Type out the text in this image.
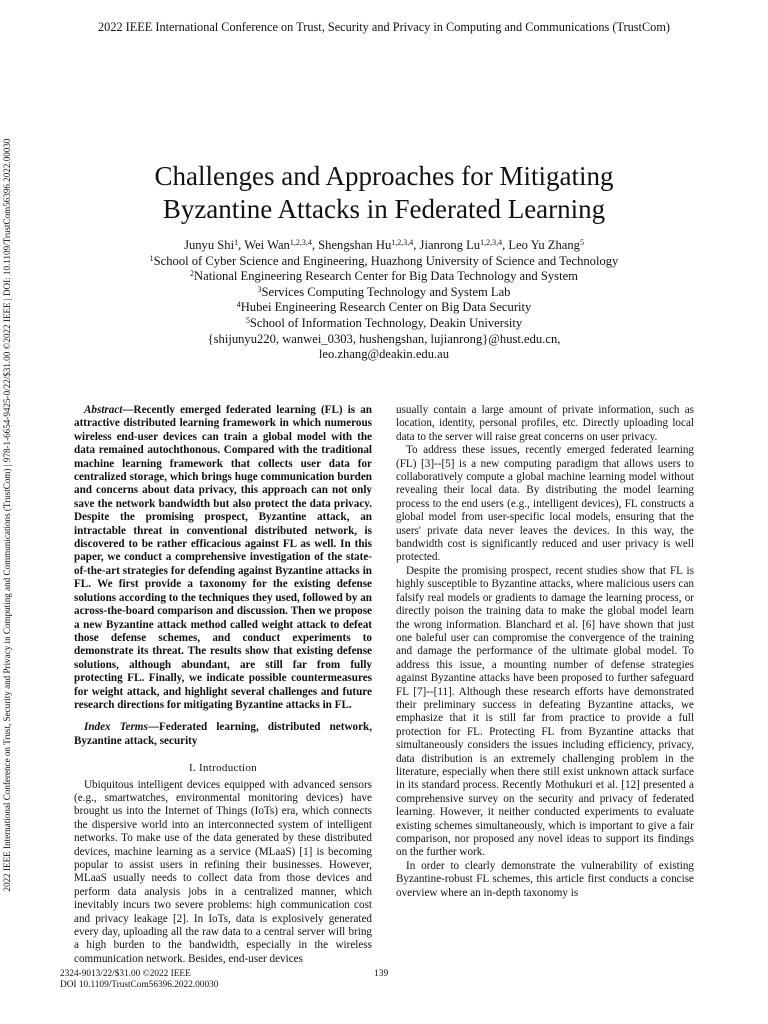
2022 IEEE International Conference on Trust, Security and Privacy in Computing and Communications (TrustCom)
2022 IEEE International Conference on Trust, Security and Privacy in Computing and Communications (TrustCom) | 978-1-6654-9425-0/22/$31.00 ©2022 IEEE | DOI: 10.1109/TrustCom56396.2022.00030	Challenges and Approaches for Mitigating
Byzantine Attacks in Federated Learning
Junyu Shi$^1$, Wei Wan$^{1,2,3,4}$, Shengshan Hu$^{1,2,3,4}$, Jianrong Lu$^{1,2,3,4}$, Leo Yu Zhang$^5$
$^1$School of Cyber Science and Engineering, Huazhong University of Science and Technology
$^2$National Engineering Research Center for Big Data Technology and System
$^3$Services Computing Technology and System Lab
$^4$Hubei Engineering Research Center on Big Data Security
$^5$School of Information Technology, Deakin University
{shijunyu220, wanwei_0303, hushengshan, lujianrong}@hust.edu.cn,
leo.zhang@deakin.edu.au

Abstract—Recently emerged federated learning (FL) is an attractive distributed learning framework in which numerous wireless end-user devices can train a global model with the data remained autochthonous. Compared with the traditional machine learning framework that collects user data for centralized storage, which brings huge communication burden and concerns about data privacy, this approach can not only save the network bandwidth but also protect the data privacy. Despite the promising prospect, Byzantine attack, an intractable threat in conventional distributed network, is discovered to be rather efficacious against FL as well. In this paper, we conduct a comprehensive investigation of the state-of-the-art strategies for defending against Byzantine attacks in FL. We first provide a taxonomy for the existing defense solutions according to the techniques they used, followed by an across-the-board comparison and discussion. Then we propose a new Byzantine attack method called weight attack to defeat those defense schemes, and conduct experiments to demonstrate its threat. The results show that existing defense solutions, although abundant, are still far from fully protecting FL. Finally, we indicate possible countermeasures for weight attack, and highlight several challenges and future research directions for mitigating Byzantine attacks in FL.

Index Terms—Federated learning, distributed network, Byzantine attack, security

I. Introduction

Ubiquitous intelligent devices equipped with advanced sensors (e.g., smartwatches, environmental monitoring devices) have brought us into the Internet of Things (IoTs) era, which connects the dispersive world into an interconnected system of intelligent networks. To make use of the data generated by these distributed devices, machine learning as a service (MLaaS) [1] is becoming popular to assist users in refining their businesses. However, MLaaS usually needs to collect data from those devices and perform data analysis jobs in a centralized manner, which inevitably incurs two severe problems: high communication cost and privacy leakage [2]. In IoTs, data is explosively generated every day, uploading all the raw data to a central server will bring a high burden to the bandwidth, especially in the wireless communication network. Besides, end-user devices

usually contain a large amount of private information, such as location, identity, personal profiles, etc. Directly uploading local data to the server will raise great concerns on user privacy.

To address these issues, recently emerged federated learning (FL) [3]--[5] is a new computing paradigm that allows users to collaboratively compute a global machine learning model without revealing their local data. By distributing the model learning process to the end users (e.g., intelligent devices), FL constructs a global model from user-specific local models, ensuring that the users' private data never leaves the devices. In this way, the bandwidth cost is significantly reduced and user privacy is well protected.

Despite the promising prospect, recent studies show that FL is highly susceptible to Byzantine attacks, where malicious users can falsify real models or gradients to damage the learning process, or directly poison the training data to make the global model learn the wrong information. Blanchard et al. [6] have shown that just one baleful user can compromise the convergence of the training and damage the performance of the ultimate global model. To address this issue, a mounting number of defense strategies against Byzantine attacks have been proposed to further safeguard FL [7]--[11]. Although these research efforts have demonstrated their preliminary success in defeating Byzantine attacks, we emphasize that it is still far from practice to provide a full protection for FL. Protecting FL from Byzantine attacks that simultaneously considers the issues including efficiency, privacy, data distribution is an extremely challenging problem in the literature, especially when there still exist unknown attack surface in its standard process. Recently Mothukuri et al. [12] presented a comprehensive survey on the security and privacy of federated learning. However, it neither conducted experiments to evaluate existing schemes simultaneously, which is important to give a fair comparison, nor proposed any novel ideas to support its findings on the further work.

In order to clearly demonstrate the vulnerability of existing Byzantine-robust FL schemes, this article first conducts a concise overview where an in-depth taxonomy is

2324-9013/22/$31.00 ©2022 IEEE
DOI 10.1109/TrustCom56396.2022.00030
139
